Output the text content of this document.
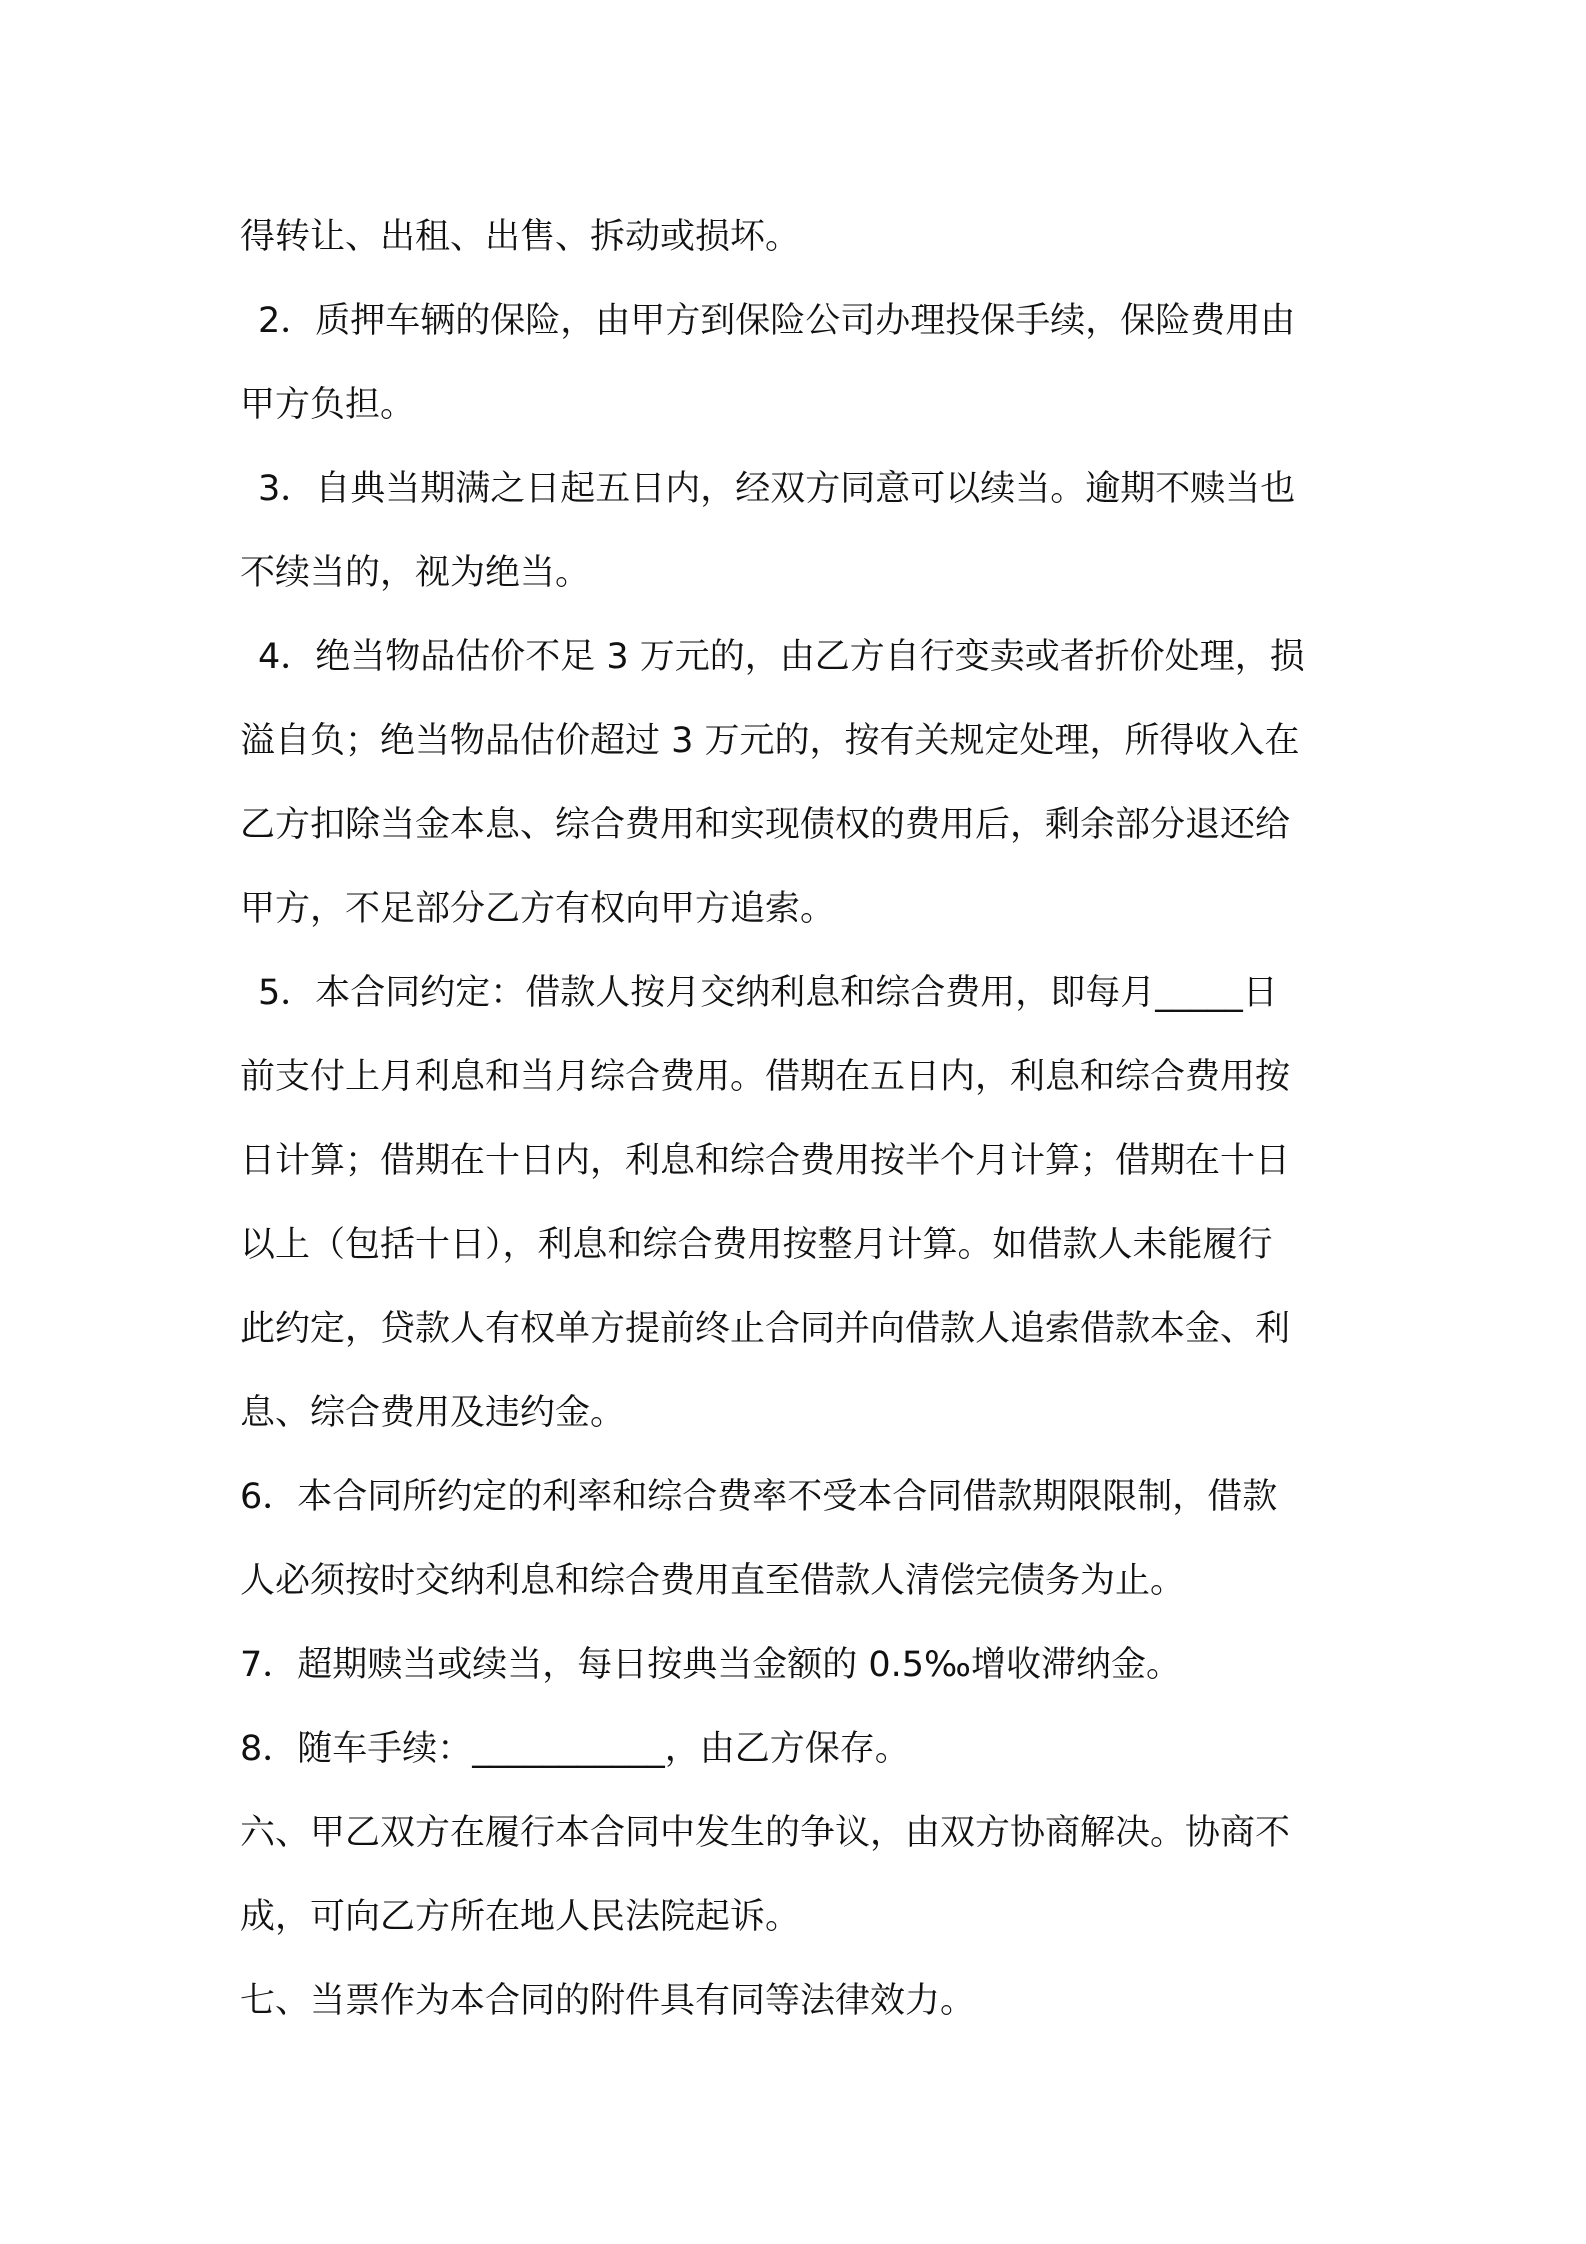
得转让、出租、出售、拆动或损坏。
2．质押车辆的保险，由甲方到保险公司办理投保手续，保险费用由
甲方负担。
3．自典当期满之日起五日内，经双方同意可以续当。逾期不赎当也
不续当的，视为绝当。
4．绝当物品估价不足 3 万元的，由乙方自行变卖或者折价处理，损
溢自负；绝当物品估价超过 3 万元的，按有关规定处理，所得收入在
乙方扣除当金本息、综合费用和实现债权的费用后，剩余部分退还给
甲方，不足部分乙方有权向甲方追索。
5．本合同约定：借款人按月交纳利息和综合费用，即每月_____日
前支付上月利息和当月综合费用。借期在五日内，利息和综合费用按
日计算；借期在十日内，利息和综合费用按半个月计算；借期在十日
以上（包括十日），利息和综合费用按整月计算。如借款人未能履行
此约定，贷款人有权单方提前终止合同并向借款人追索借款本金、利
息、综合费用及违约金。
6．本合同所约定的利率和综合费率不受本合同借款期限限制，借款
人必须按时交纳利息和综合费用直至借款人清偿完债务为止。
7．超期赎当或续当，每日按典当金额的 0.5‰增收滞纳金。
8．随车手续：___________，由乙方保存。
六、甲乙双方在履行本合同中发生的争议，由双方协商解决。协商不
成，可向乙方所在地人民法院起诉。
七、当票作为本合同的附件具有同等法律效力。
